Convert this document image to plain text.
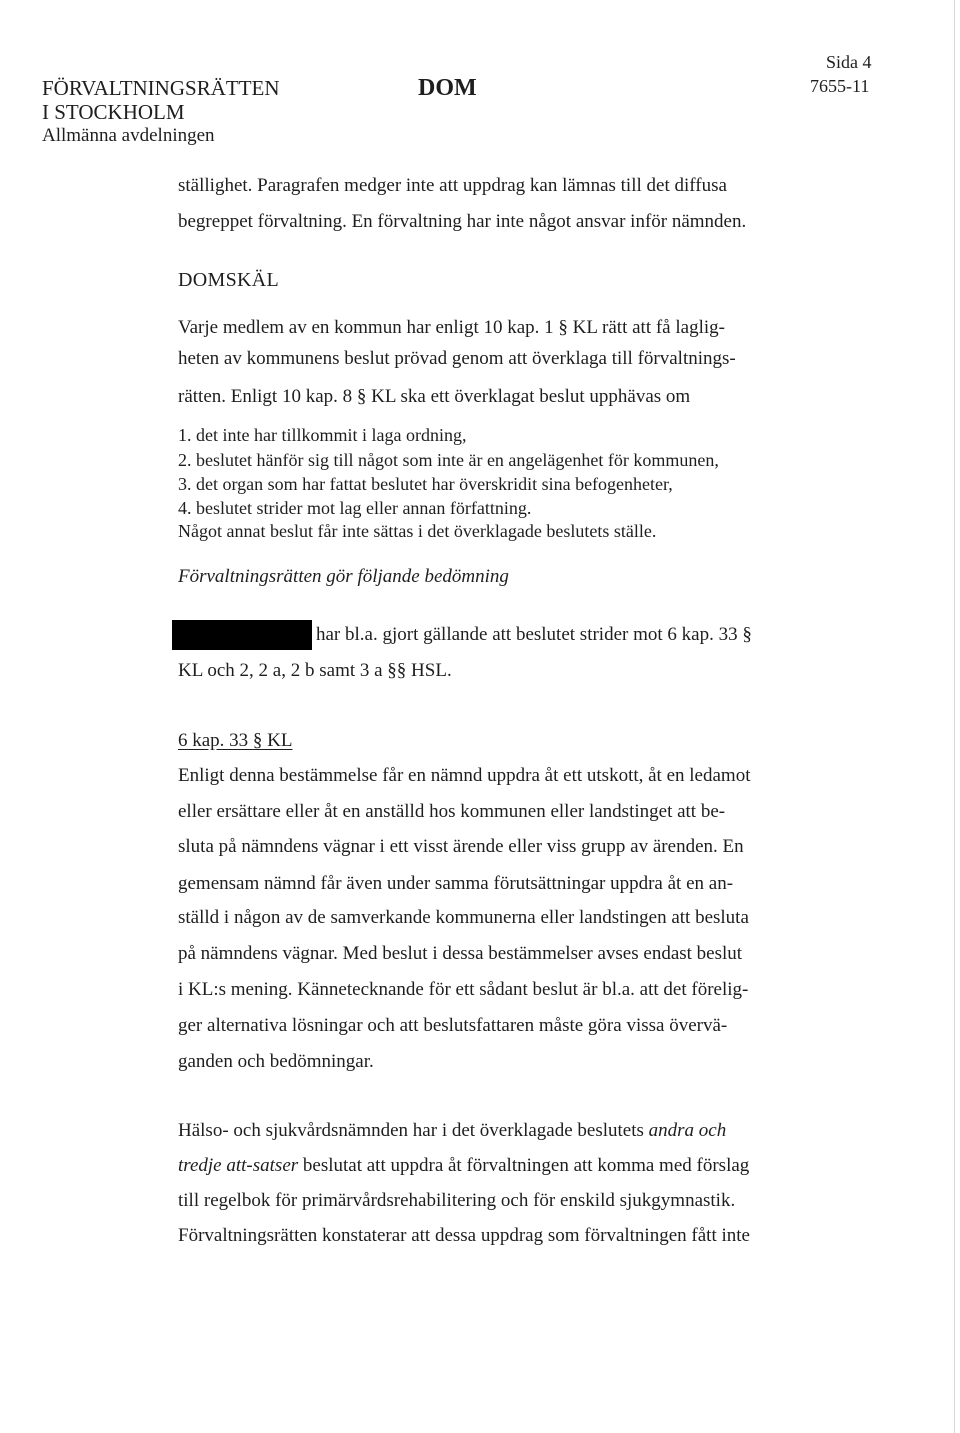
FÖRVALTNINGSRÄTTEN
I STOCKHOLM
Allmänna avdelningen
DOM
Sida 4
7655-11
ställighet. Paragrafen medger inte att uppdrag kan lämnas till det diffusa
begreppet förvaltning. En förvaltning har inte något ansvar inför nämnden.
DOMSKÄL
Varje medlem av en kommun har enligt 10 kap. 1 § KL rätt att få laglig-
heten av kommunens beslut prövad genom att överklaga till förvaltnings-
rätten. Enligt 10 kap. 8 § KL ska ett överklagat beslut upphävas om
1. det inte har tillkommit i laga ordning,
2. beslutet hänför sig till något som inte är en angelägenhet för kommunen,
3. det organ som har fattat beslutet har överskridit sina befogenheter,
4. beslutet strider mot lag eller annan författning.
Något annat beslut får inte sättas i det överklagade beslutets ställe.
Förvaltningsrätten gör följande bedömning
har bl.a. gjort gällande att beslutet strider mot 6 kap. 33 §
KL och 2, 2 a, 2 b samt 3 a §§ HSL.
6 kap. 33 § KL
Enligt denna bestämmelse får en nämnd uppdra åt ett utskott, åt en ledamot
eller ersättare eller åt en anställd hos kommunen eller landstinget att be-
sluta på nämndens vägnar i ett visst ärende eller viss grupp av ärenden. En
gemensam nämnd får även under samma förutsättningar uppdra åt en an-
ställd i någon av de samverkande kommunerna eller landstingen att besluta
på nämndens vägnar. Med beslut i dessa bestämmelser avses endast beslut
i KL:s mening. Kännetecknande för ett sådant beslut är bl.a. att det förelig-
ger alternativa lösningar och att beslutsfattaren måste göra vissa övervä-
ganden och bedömningar.
Hälso- och sjukvårdsnämnden har i det överklagade beslutets andra och
tredje att-satser beslutat att uppdra åt förvaltningen att komma med förslag
till regelbok för primärvårdsrehabilitering och för enskild sjukgymnastik.
Förvaltningsrätten konstaterar att dessa uppdrag som förvaltningen fått inte
